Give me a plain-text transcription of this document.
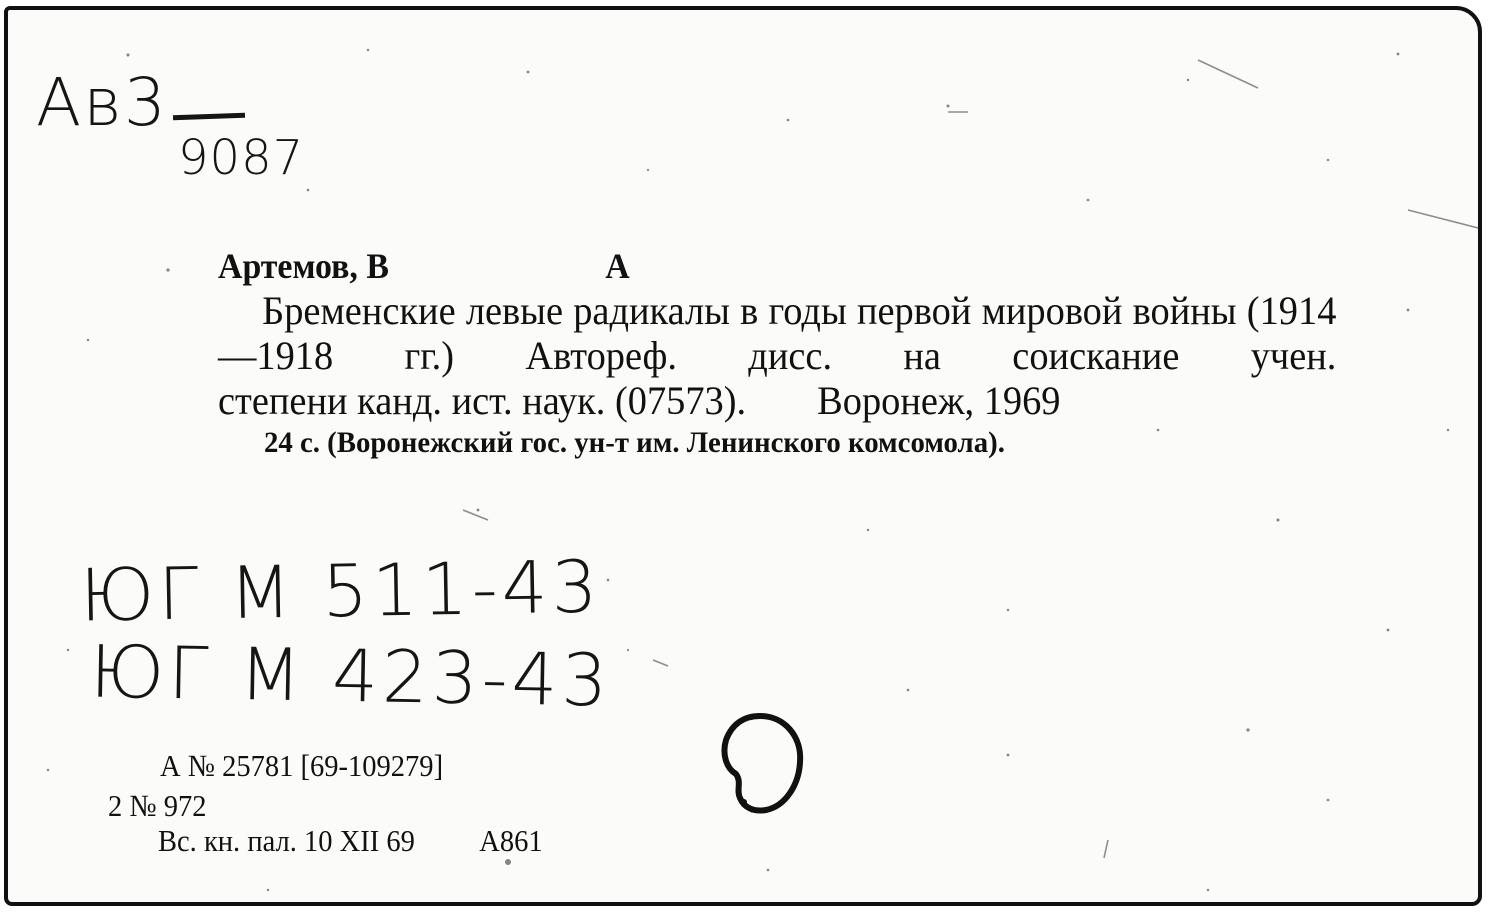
Ав3
9087
Артемов, В	А

Бременские левые радикалы в годы первой мировой войны (1914—1918 гг.) Автореф. дисс. на соискание учен.

степени канд. ист. наук. (07573). Воронеж, 1969
24 с. (Воронежский гос. ун-т им. Ленинского комсомола).
ЮГ М 511-43
ЮГ М 423-43
А № 25781 [69-109279]
2 № 972
Вс. кн. пал. 10 XII 69 А861
